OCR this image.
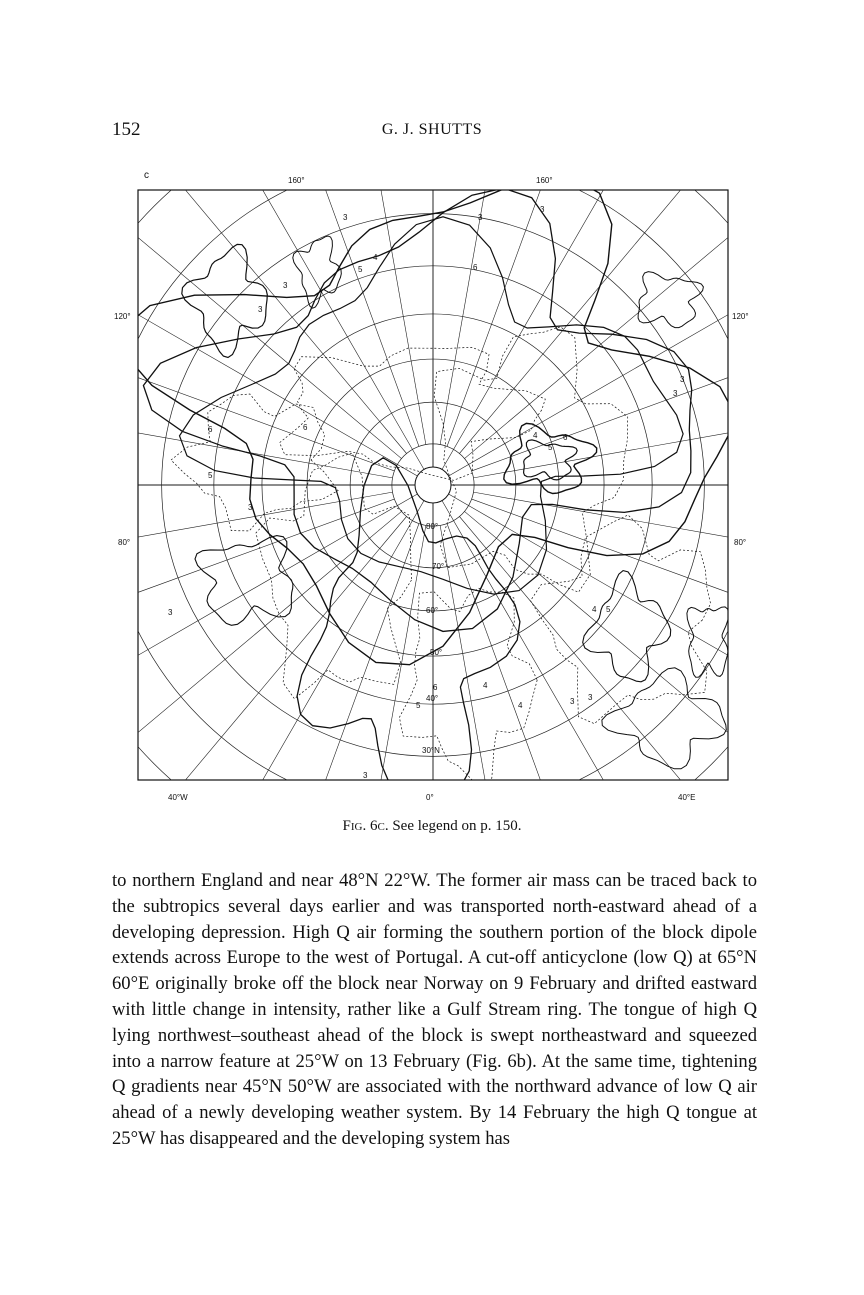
152	G. J. SHUTTS
3	3
3
4
5	6
3
3
6	6
5
3
4
5
6
3
3
4 5
4
3 3
3
6
5	4
3
c	160°	160°
120°	120°
80°	80°
40°W	0°	40°E
80°
70°
60°
50°
40°
30°N
Fig. 6c. See legend on p. 150.

to northern England and near 48°N 22°W. The former air mass can be traced back to the subtropics several days earlier and was transported north-eastward ahead of a developing depression. High Q air forming the southern portion of the block dipole extends across Europe to the west of Portugal. A cut-off anticyclone (low Q) at 65°N 60°E originally broke off the block near Norway on 9 February and drifted eastward with little change in intensity, rather like a Gulf Stream ring. The tongue of high Q lying northwest–southeast ahead of the block is swept northeastward and squeezed into a narrow feature at 25°W on 13 February (Fig. 6b). At the same time, tightening Q gradients near 45°N 50°W are associated with the northward advance of low Q air ahead of a newly developing weather system. By 14 February the high Q tongue at 25°W has disappeared and the developing system has
